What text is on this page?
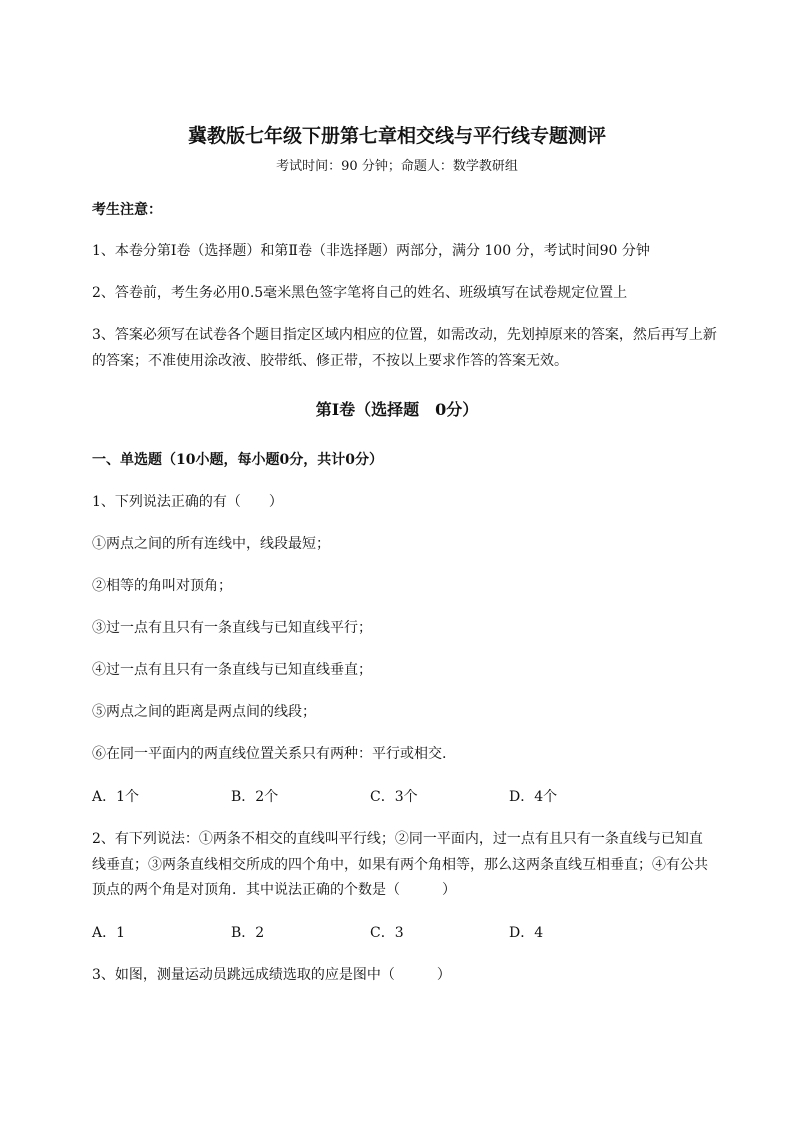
冀教版七年级下册第七章相交线与平行线专题测评
考试时间：90 分钟；命题人：数学教研组
考生注意：
1、本卷分第Ⅰ卷（选择题）和第Ⅱ卷（非选择题）两部分，满分 100 分，考试时间90 分钟
2、答卷前，考生务必用0.5毫米黑色签字笔将自己的姓名、班级填写在试卷规定位置上
3、答案必须写在试卷各个题目指定区域内相应的位置，如需改动，先划掉原来的答案，然后再写上新
的答案；不准使用涂改液、胶带纸、修正带，不按以上要求作答的答案无效。
第Ⅰ卷（选择题　0分）
一、单选题（10小题，每小题0分，共计0分）
1、下列说法正确的有（　　）
①两点之间的所有连线中，线段最短；
②相等的角叫对顶角；
③过一点有且只有一条直线与已知直线平行；
④过一点有且只有一条直线与已知直线垂直；
⑤两点之间的距离是两点间的线段；
⑥在同一平面内的两直线位置关系只有两种：平行或相交.
A．1个	B．2个	C．3个	D．4个
2、有下列说法：①两条不相交的直线叫平行线；②同一平面内，过一点有且只有一条直线与已知直
线垂直；③两条直线相交所成的四个角中，如果有两个角相等，那么这两条直线互相垂直；④有公共
顶点的两个角是对顶角．其中说法正确的个数是（　　　）
A．1	B．2	C．3	D．4
3、如图，测量运动员跳远成绩选取的应是图中（　　　）
